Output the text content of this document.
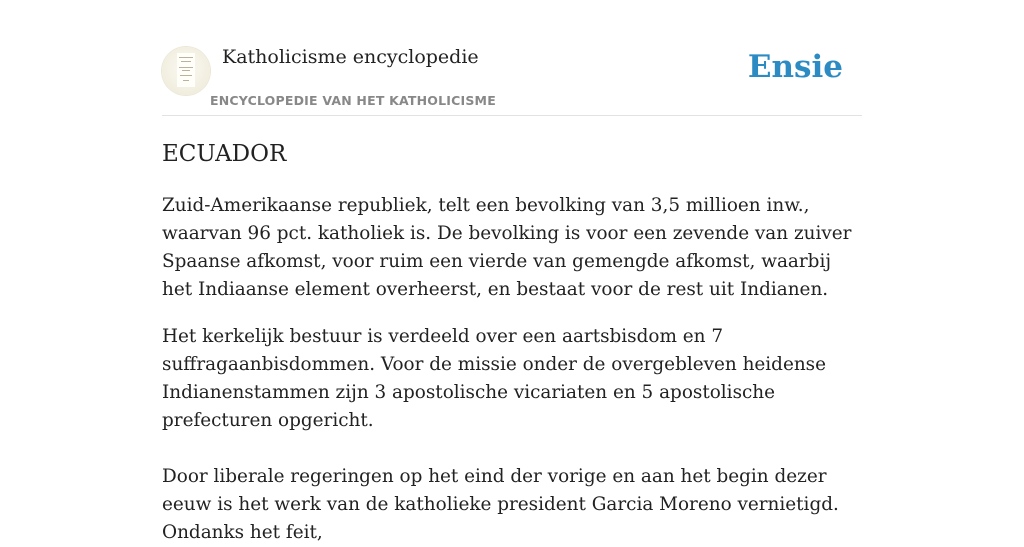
Katholicisme encyclopedie
ENCYCLOPEDIE VAN HET KATHOLICISME
Ensie
ECUADOR

Zuid-Amerikaanse republiek, telt een bevolking van 3,5 millioen inw., waarvan 96 pct. katholiek is. De bevolking is voor een zevende van zuiver Spaanse afkomst, voor ruim een vierde van gemengde afkomst, waarbij het Indiaanse element overheerst, en bestaat voor de rest uit Indianen.

Het kerkelijk bestuur is verdeeld over een aartsbisdom en 7 suffragaanbisdommen. Voor de missie onder de overgebleven heidense Indianenstammen zijn 3 apostolische vicariaten en 5 apostolische prefecturen opgericht.

Door liberale regeringen op het eind der vorige en aan het begin dezer eeuw is het werk van de katholieke president Garcia Moreno vernietigd. Ondanks het feit,
